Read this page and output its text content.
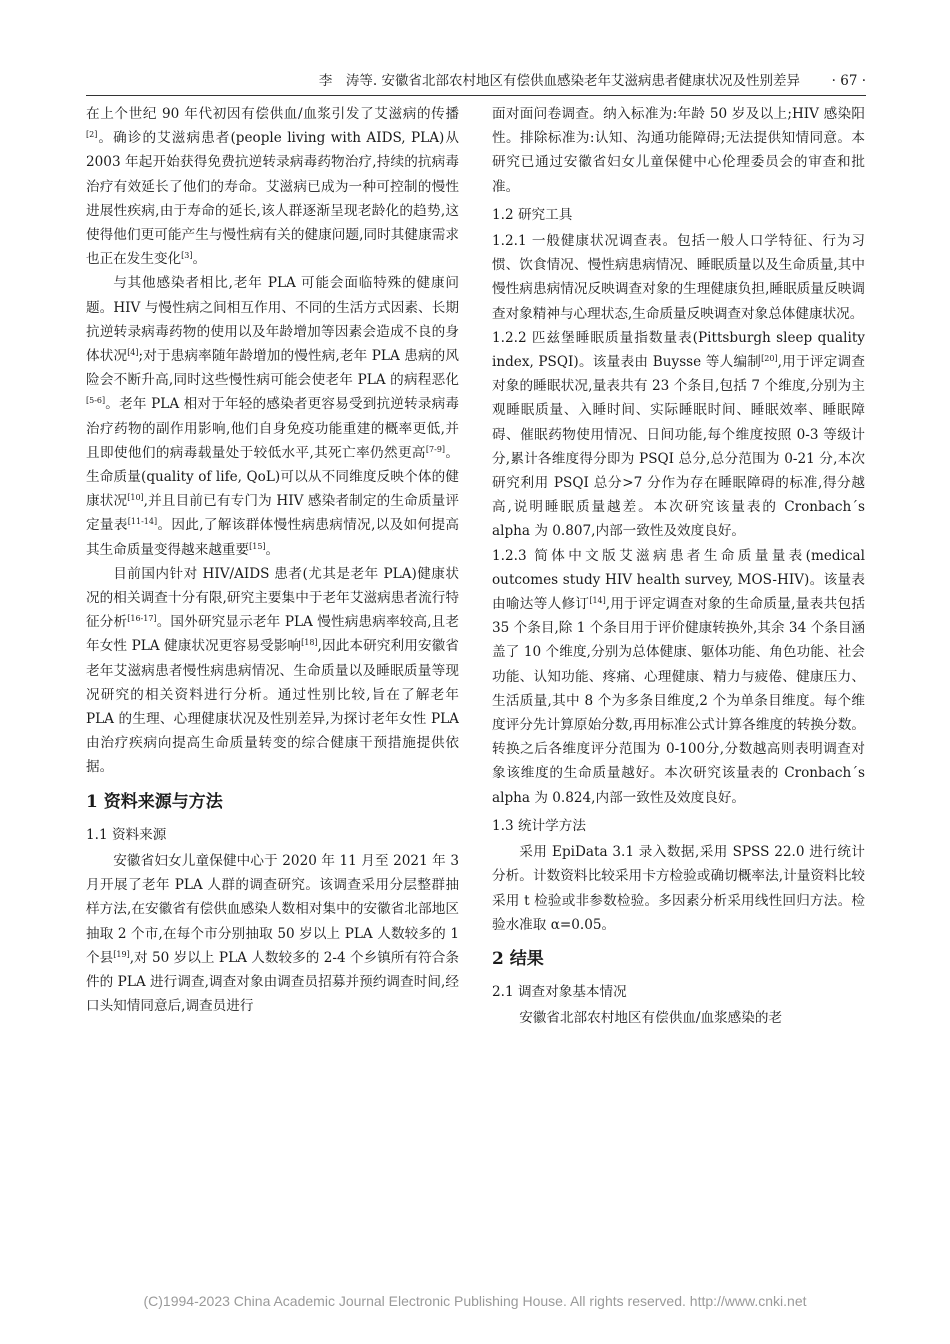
李　涛等. 安徽省北部农村地区有偿供血感染老年艾滋病患者健康状况及性别差异 · 67 ·

在上个世纪 90 年代初因有偿供血/血浆引发了艾滋病的传播[2]。确诊的艾滋病患者(people living with AIDS, PLA)从 2003 年起开始获得免费抗逆转录病毒药物治疗,持续的抗病毒治疗有效延长了他们的寿命。艾滋病已成为一种可控制的慢性进展性疾病,由于寿命的延长,该人群逐渐呈现老龄化的趋势,这使得他们更可能产生与慢性病有关的健康问题,同时其健康需求也正在发生变化[3]。

与其他感染者相比,老年 PLA 可能会面临特殊的健康问题。HIV 与慢性病之间相互作用、不同的生活方式因素、长期抗逆转录病毒药物的使用以及年龄增加等因素会造成不良的身体状况[4];对于患病率随年龄增加的慢性病,老年 PLA 患病的风险会不断升高,同时这些慢性病可能会使老年 PLA 的病程恶化[5-6]。老年 PLA 相对于年轻的感染者更容易受到抗逆转录病毒治疗药物的副作用影响,他们自身免疫功能重建的概率更低,并且即使他们的病毒载量处于较低水平,其死亡率仍然更高[7-9]。生命质量(quality of life, QoL)可以从不同维度反映个体的健康状况[10],并且目前已有专门为 HIV 感染者制定的生命质量评定量表[11-14]。因此,了解该群体慢性病患病情况,以及如何提高其生命质量变得越来越重要[15]。

目前国内针对 HIV/AIDS 患者(尤其是老年 PLA)健康状况的相关调查十分有限,研究主要集中于老年艾滋病患者流行特征分析[16-17]。国外研究显示老年 PLA 慢性病患病率较高,且老年女性 PLA 健康状况更容易受影响[18],因此本研究利用安徽省老年艾滋病患者慢性病患病情况、生命质量以及睡眠质量等现况研究的相关资料进行分析。通过性别比较,旨在了解老年 PLA 的生理、心理健康状况及性别差异,为探讨老年女性 PLA 由治疗疾病向提高生命质量转变的综合健康干预措施提供依据。

1 资料来源与方法
1.1 资料来源

安徽省妇女儿童保健中心于 2020 年 11 月至 2021 年 3 月开展了老年 PLA 人群的调查研究。该调查采用分层整群抽样方法,在安徽省有偿供血感染人数相对集中的安徽省北部地区抽取 2 个市,在每个市分别抽取 50 岁以上 PLA 人数较多的 1 个县[19],对 50 岁以上 PLA 人数较多的 2-4 个乡镇所有符合条件的 PLA 进行调查,调查对象由调查员招募并预约调查时间,经口头知情同意后,调查员进行

面对面问卷调查。纳入标准为:年龄 50 岁及以上;HIV 感染阳性。排除标准为:认知、沟通功能障碍;无法提供知情同意。本研究已通过安徽省妇女儿童保健中心伦理委员会的审查和批准。

1.2 研究工具

1.2.1 一般健康状况调查表。包括一般人口学特征、行为习惯、饮食情况、慢性病患病情况、睡眠质量以及生命质量,其中慢性病患病情况反映调查对象的生理健康负担,睡眠质量反映调查对象精神与心理状态,生命质量反映调查对象总体健康状况。

1.2.2 匹兹堡睡眠质量指数量表(Pittsburgh sleep quality index, PSQI)。该量表由 Buysse 等人编制[20],用于评定调查对象的睡眠状况,量表共有 23 个条目,包括 7 个维度,分别为主观睡眠质量、入睡时间、实际睡眠时间、睡眠效率、睡眠障碍、催眠药物使用情况、日间功能,每个维度按照 0-3 等级计分,累计各维度得分即为 PSQI 总分,总分范围为 0-21 分,本次研究利用 PSQI 总分>7 分作为存在睡眠障碍的标准,得分越高,说明睡眠质量越差。本次研究该量表的 Cronbach´s alpha 为 0.807,内部一致性及效度良好。

1.2.3 简体中文版艾滋病患者生命质量量表(medical outcomes study HIV health survey, MOS-HIV)。该量表由喻达等人修订[14],用于评定调查对象的生命质量,量表共包括 35 个条目,除 1 个条目用于评价健康转换外,其余 34 个条目涵盖了 10 个维度,分别为总体健康、躯体功能、角色功能、社会功能、认知功能、疼痛、心理健康、精力与疲倦、健康压力、生活质量,其中 8 个为多条目维度,2 个为单条目维度。每个维度评分先计算原始分数,再用标准公式计算各维度的转换分数。转换之后各维度评分范围为 0-100分,分数越高则表明调查对象该维度的生命质量越好。本次研究该量表的 Cronbach´s alpha 为 0.824,内部一致性及效度良好。

1.3 统计学方法

采用 EpiData 3.1 录入数据,采用 SPSS 22.0 进行统计分析。计数资料比较采用卡方检验或确切概率法,计量资料比较采用 t 检验或非参数检验。多因素分析采用线性回归方法。检验水准取 α=0.05。

2 结果
2.1 调查对象基本情况

安徽省北部农村地区有偿供血/血浆感染的老

(C)1994-2023 China Academic Journal Electronic Publishing House. All rights reserved. http://www.cnki.net
